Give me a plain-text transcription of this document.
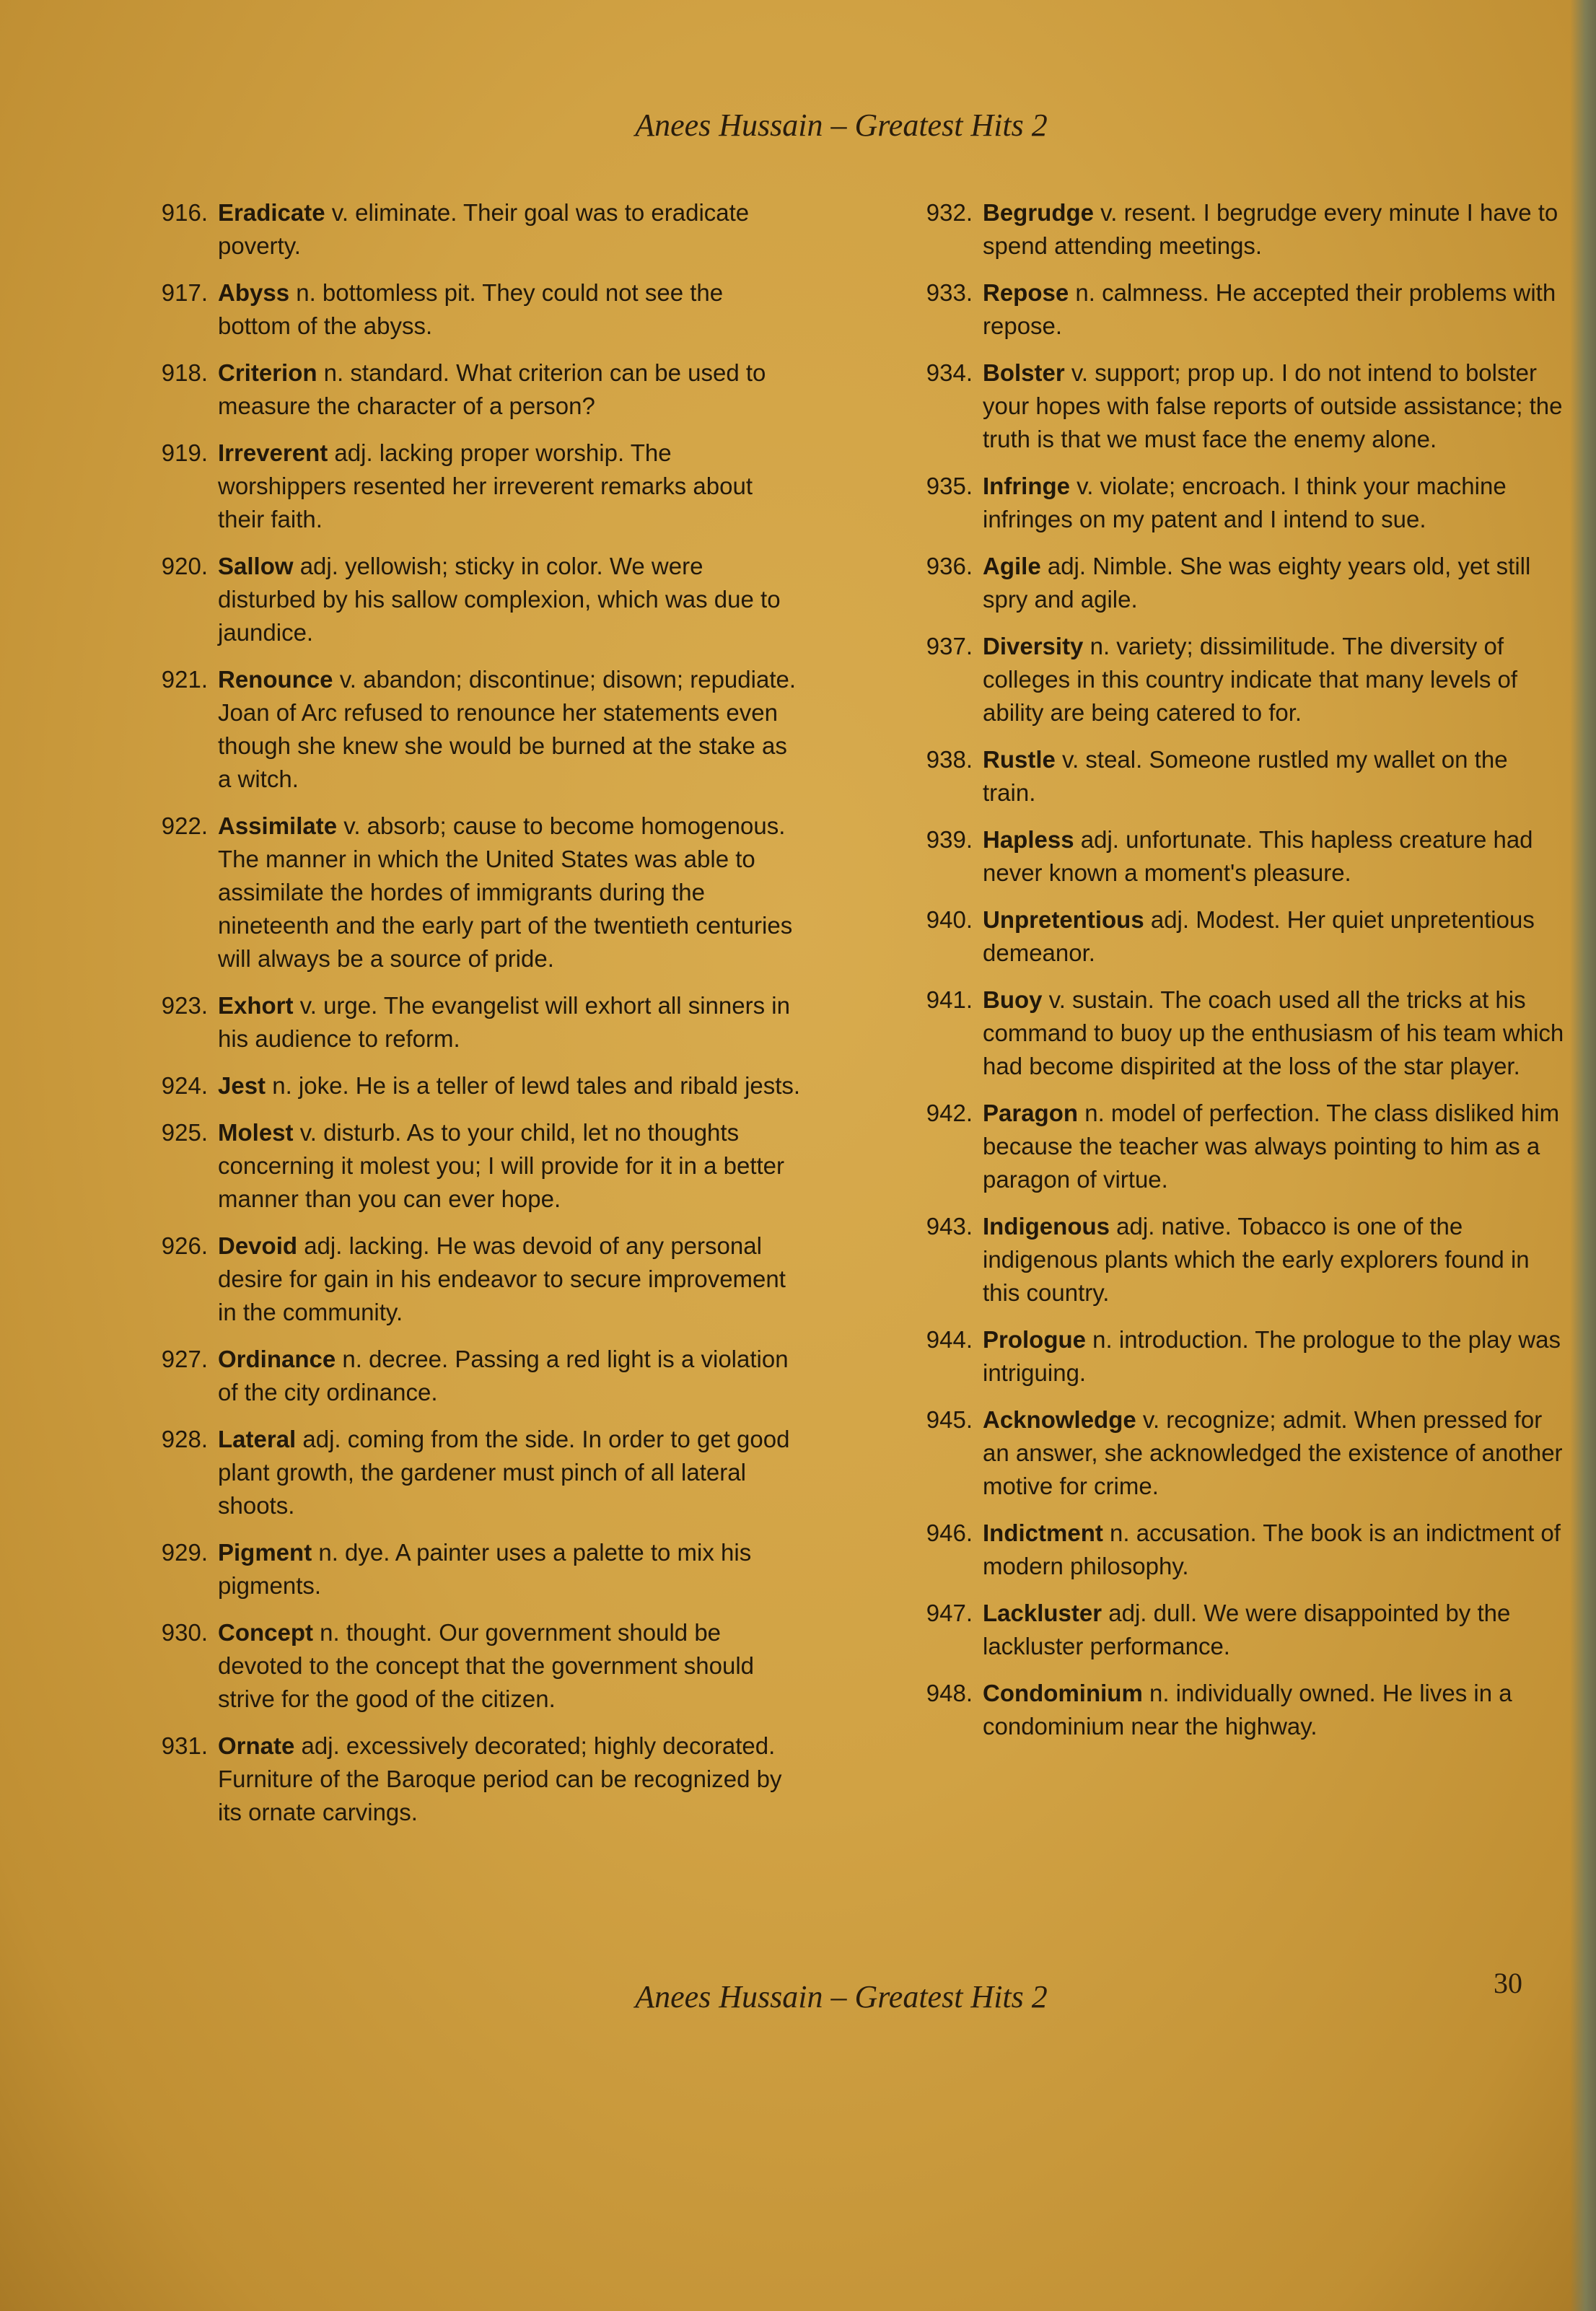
Anees Hussain – Greatest Hits 2
916. Eradicate v. eliminate. Their goal was to eradicate poverty.
917. Abyss n. bottomless pit. They could not see the bottom of the abyss.
918. Criterion n. standard. What criterion can be used to measure the character of a person?
919. Irreverent adj. lacking proper worship. The worshippers resented her irreverent remarks about their faith.
920. Sallow adj. yellowish; sticky in color. We were disturbed by his sallow complexion, which was due to jaundice.
921. Renounce v. abandon; discontinue; disown; repudiate. Joan of Arc refused to renounce her statements even though she knew she would be burned at the stake as a witch.
922. Assimilate v. absorb; cause to become homogenous. The manner in which the United States was able to assimilate the hordes of immigrants during the nineteenth and the early part of the twentieth centuries will always be a source of pride.
923. Exhort v. urge. The evangelist will exhort all sinners in his audience to reform.
924. Jest n. joke. He is a teller of lewd tales and ribald jests.
925. Molest v. disturb. As to your child, let no thoughts concerning it molest you; I will provide for it in a better manner than you can ever hope.
926. Devoid adj. lacking. He was devoid of any personal desire for gain in his endeavor to secure improvement in the community.
927. Ordinance n. decree. Passing a red light is a violation of the city ordinance.
928. Lateral adj. coming from the side. In order to get good plant growth, the gardener must pinch of all lateral shoots.
929. Pigment n. dye. A painter uses a palette to mix his pigments.
930. Concept n. thought. Our government should be devoted to the concept that the government should strive for the good of the citizen.
931. Ornate adj. excessively decorated; highly decorated. Furniture of the Baroque period can be recognized by its ornate carvings.
932. Begrudge v. resent. I begrudge every minute I have to spend attending meetings.
933. Repose n. calmness. He accepted their problems with repose.
934. Bolster v. support; prop up. I do not intend to bolster your hopes with false reports of outside assistance; the truth is that we must face the enemy alone.
935. Infringe v. violate; encroach. I think your machine infringes on my patent and I intend to sue.
936. Agile adj. Nimble. She was eighty years old, yet still spry and agile.
937. Diversity n. variety; dissimilitude. The diversity of colleges in this country indicate that many levels of ability are being catered to for.
938. Rustle v. steal. Someone rustled my wallet on the train.
939. Hapless adj. unfortunate. This hapless creature had never known a moment's pleasure.
940. Unpretentious adj. Modest. Her quiet unpretentious demeanor.
941. Buoy v. sustain. The coach used all the tricks at his command to buoy up the enthusiasm of his team which had become dispirited at the loss of the star player.
942. Paragon n. model of perfection. The class disliked him because the teacher was always pointing to him as a paragon of virtue.
943. Indigenous adj. native. Tobacco is one of the indigenous plants which the early explorers found in this country.
944. Prologue n. introduction. The prologue to the play was intriguing.
945. Acknowledge v. recognize; admit. When pressed for an answer, she acknowledged the existence of another motive for crime.
946. Indictment n. accusation. The book is an indictment of modern philosophy.
947. Lackluster adj. dull. We were disappointed by the lackluster performance.
948. Condominium n. individually owned. He lives in a condominium near the highway.
Anees Hussain – Greatest Hits 2	30
